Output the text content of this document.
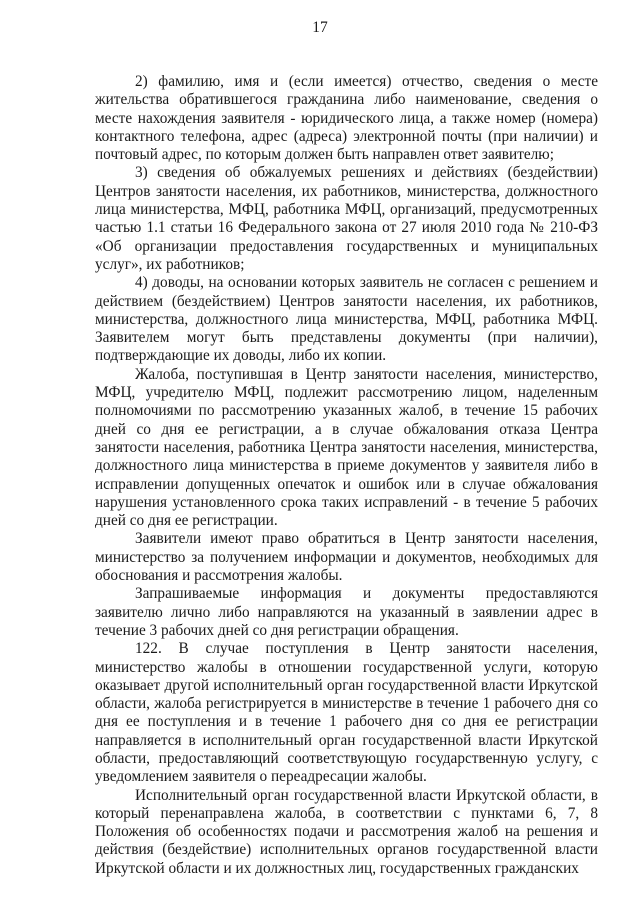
17

2) фамилию, имя и (если имеется) отчество, сведения о месте жительства обратившегося гражданина либо наименование, сведения о месте нахождения заявителя - юридического лица, а также номер (номера) контактного телефона, адрес (адреса) электронной почты (при наличии) и почтовый адрес, по которым должен быть направлен ответ заявителю;

3) сведения об обжалуемых решениях и действиях (бездействии) Центров занятости населения, их работников, министерства, должностного лица министерства, МФЦ, работника МФЦ, организаций, предусмотренных частью 1.1 статьи 16 Федерального закона от 27 июля 2010 года № 210-ФЗ «Об организации предоставления государственных и муниципальных услуг», их работников;

4) доводы, на основании которых заявитель не согласен с решением и действием (бездействием) Центров занятости населения, их работников, министерства, должностного лица министерства, МФЦ, работника МФЦ. Заявителем могут быть представлены документы (при наличии), подтверждающие их доводы, либо их копии.

Жалоба, поступившая в Центр занятости населения, министерство, МФЦ, учредителю МФЦ, подлежит рассмотрению лицом, наделенным полномочиями по рассмотрению указанных жалоб, в течение 15 рабочих дней со дня ее регистрации, а в случае обжалования отказа Центра занятости населения, работника Центра занятости населения, министерства, должностного лица министерства в приеме документов у заявителя либо в исправлении допущенных опечаток и ошибок или в случае обжалования нарушения установленного срока таких исправлений - в течение 5 рабочих дней со дня ее регистрации.

Заявители имеют право обратиться в Центр занятости населения, министерство за получением информации и документов, необходимых для обоснования и рассмотрения жалобы.

Запрашиваемые информация и документы предоставляются заявителю лично либо направляются на указанный в заявлении адрес в течение 3 рабочих дней со дня регистрации обращения.

122. В случае поступления в Центр занятости населения, министерство жалобы в отношении государственной услуги, которую оказывает другой исполнительный орган государственной власти Иркутской области, жалоба регистрируется в министерстве в течение 1 рабочего дня со дня ее поступления и в течение 1 рабочего дня со дня ее регистрации направляется в исполнительный орган государственной власти Иркутской области, предоставляющий соответствующую государственную услугу, с уведомлением заявителя о переадресации жалобы.

Исполнительный орган государственной власти Иркутской области, в который перенаправлена жалоба, в соответствии с пунктами 6, 7, 8 Положения об особенностях подачи и рассмотрения жалоб на решения и действия (бездействие) исполнительных органов государственной власти Иркутской области и их должностных лиц, государственных гражданских
